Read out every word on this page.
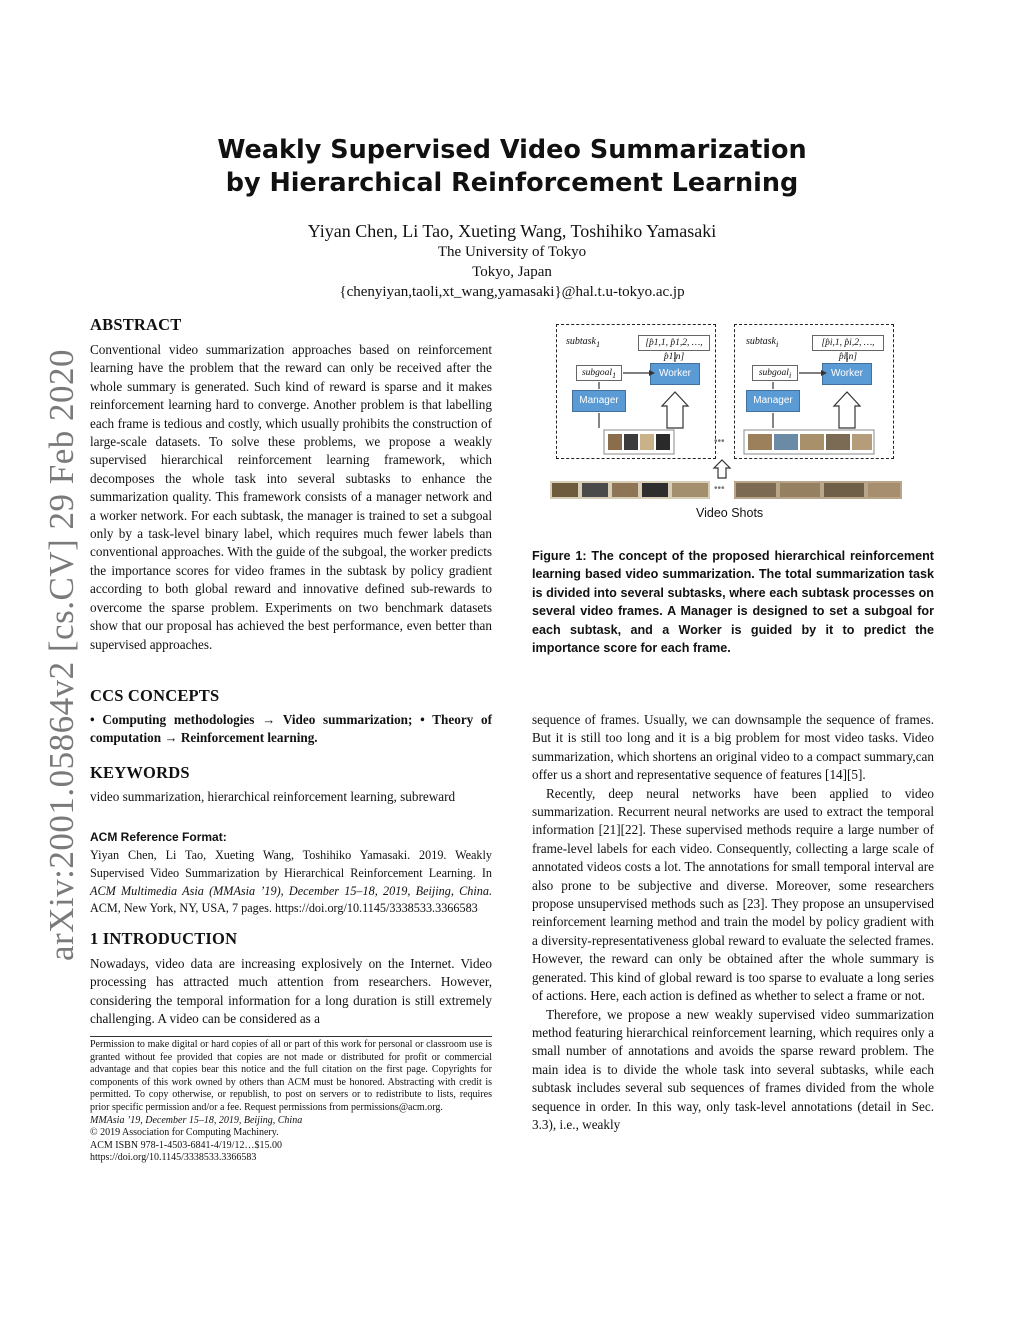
arXiv:2001.05864v2 [cs.CV] 29 Feb 2020
Weakly Supervised Video Summarization
by Hierarchical Reinforcement Learning
Yiyan Chen, Li Tao, Xueting Wang, Toshihiko Yamasaki
The University of Tokyo
Tokyo, Japan
{chenyiyan,taoli,xt_wang,yamasaki}@hal.t.u-tokyo.ac.jp
ABSTRACT

Conventional video summarization approaches based on reinforcement learning have the problem that the reward can only be received after the whole summary is generated. Such kind of reward is sparse and it makes reinforcement learning hard to converge. Another problem is that labelling each frame is tedious and costly, which usually prohibits the construction of large-scale datasets. To solve these problems, we propose a weakly supervised hierarchical reinforcement learning framework, which decomposes the whole task into several subtasks to enhance the summarization quality. This framework consists of a manager network and a worker network. For each subtask, the manager is trained to set a subgoal only by a task-level binary label, which requires much fewer labels than conventional approaches. With the guide of the subgoal, the worker predicts the importance scores for video frames in the subtask by policy gradient according to both global reward and innovative defined sub-rewards to overcome the sparse problem. Experiments on two benchmark datasets show that our proposal has achieved the best performance, even better than supervised approaches.

CCS CONCEPTS

• Computing methodologies → Video summarization; • Theory of computation → Reinforcement learning.

KEYWORDS

video summarization, hierarchical reinforcement learning, subreward

ACM Reference Format:

Yiyan Chen, Li Tao, Xueting Wang, Toshihiko Yamasaki. 2019. Weakly Supervised Video Summarization by Hierarchical Reinforcement Learning. In ACM Multimedia Asia (MMAsia ’19), December 15–18, 2019, Beijing, China. ACM, New York, NY, USA, 7 pages. https://doi.org/10.1145/3338533.3366583

1 INTRODUCTION

Nowadays, video data are increasing explosively on the Internet. Video processing has attracted much attention from researchers. However, considering the temporal information for a long duration is still extremely challenging. A video can be considered as a

Permission to make digital or hard copies of all or part of this work for personal or classroom use is granted without fee provided that copies are not made or distributed for profit or commercial advantage and that copies bear this notice and the full citation on the first page. Copyrights for components of this work owned by others than ACM must be honored. Abstracting with credit is permitted. To copy otherwise, or republish, to post on servers or to redistribute to lists, requires prior specific permission and/or a fee. Request permissions from permissions@acm.org.
MMAsia ’19, December 15–18, 2019, Beijing, China
© 2019 Association for Computing Machinery.
ACM ISBN 978-1-4503-6841-4/19/12…$15.00
https://doi.org/10.1145/3338533.3366583
subtask$_1$	subtask$_i$
[p̂1,1, p̂1,2, …, p̂1,n]
[p̂i,1, p̂i,2, …, p̂i,n]
subgoal$_1$	subgoal$_i$
Worker	Worker
Manager	Manager
•••
•••
Video Shots
Figure 1: The concept of the proposed hierarchical reinforcement learning based video summarization. The total summarization task is divided into several subtasks, where each subtask processes on several video frames. A Manager is designed to set a subgoal for each subtask, and a Worker is guided by it to predict the importance score for each frame.

sequence of frames. Usually, we can downsample the sequence of frames. But it is still too long and it is a big problem for most video tasks. Video summarization, which shortens an original video to a compact summary,can offer us a short and representative sequence of features [14][5].

Recently, deep neural networks have been applied to video summarization. Recurrent neural networks are used to extract the temporal information [21][22]. These supervised methods require a large number of frame-level labels for each video. Consequently, collecting a large scale of annotated videos costs a lot. The annotations for small temporal interval are also prone to be subjective and diverse. Moreover, some researchers propose unsupervised methods such as [23]. They propose an unsupervised reinforcement learning method and train the model by policy gradient with a diversity-representativeness global reward to evaluate the selected frames. However, the reward can only be obtained after the whole summary is generated. This kind of global reward is too sparse to evaluate a long series of actions. Here, each action is defined as whether to select a frame or not.

Therefore, we propose a new weakly supervised video summarization method featuring hierarchical reinforcement learning, which requires only a small number of annotations and avoids the sparse reward problem. The main idea is to divide the whole task into several subtasks, while each subtask includes several sub sequences of frames divided from the whole sequence in order. In this way, only task-level annotations (detail in Sec. 3.3), i.e., weakly
